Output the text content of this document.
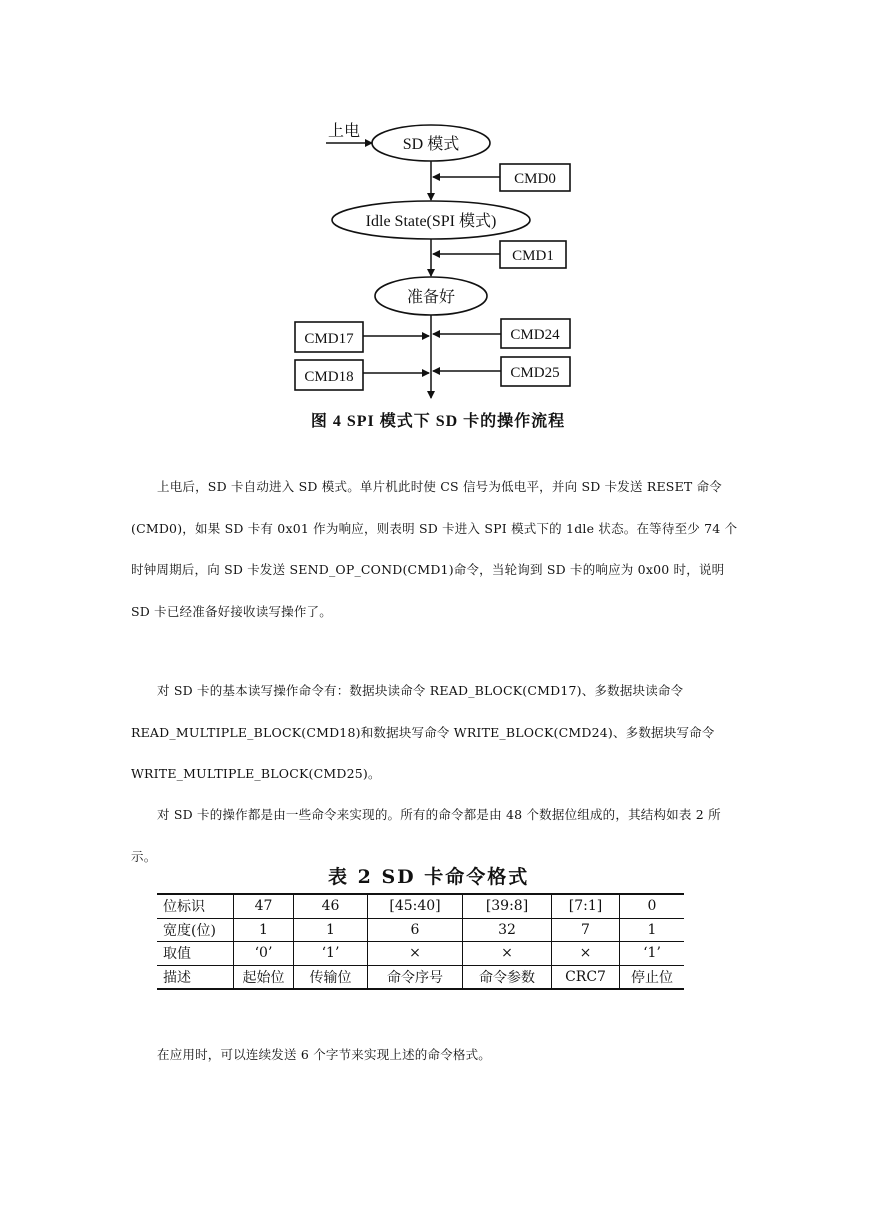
上电
SD 模式
CMD0
Idle State(SPI 模式)
CMD1
准备好
CMD17
CMD18
CMD24
CMD25
图 4 SPI 模式下 SD 卡的操作流程

上电后，SD 卡自动进入 SD 模式。单片机此时使 CS 信号为低电平，并向 SD 卡发送 RESET 命令(CMD0)，如果 SD 卡有 0x01 作为响应，则表明 SD 卡进入 SPI 模式下的 1dle 状态。在等待至少 74 个时钟周期后，向 SD 卡发送 SEND_OP_COND(CMD1)命令，当轮询到 SD 卡的响应为 0x00 时，说明 SD 卡已经准备好接收读写操作了。

对 SD 卡的基本读写操作命令有：数据块读命令 READ_BLOCK(CMD17)、多数据块读命令 READ_MULTIPLE_BLOCK(CMD18)和数据块写命令 WRITE_BLOCK(CMD24)、多数据块写命令 WRITE_MULTIPLE_BLOCK(CMD25)。

对 SD 卡的操作都是由一些命令来实现的。所有的命令都是由 48 个数据位组成的，其结构如表 2 所示。

表 2 SD 卡命令格式
位标识	47	46	[45:40]	[39:8]	[7:1]	0
宽度(位)	1	1	6	32	7	1
取值	‘0’	‘1’	×	×	×	‘1’
描述	起始位	传输位	命令序号	命令参数	CRC7	停止位

在应用时，可以连续发送 6 个字节来实现上述的命令格式。
